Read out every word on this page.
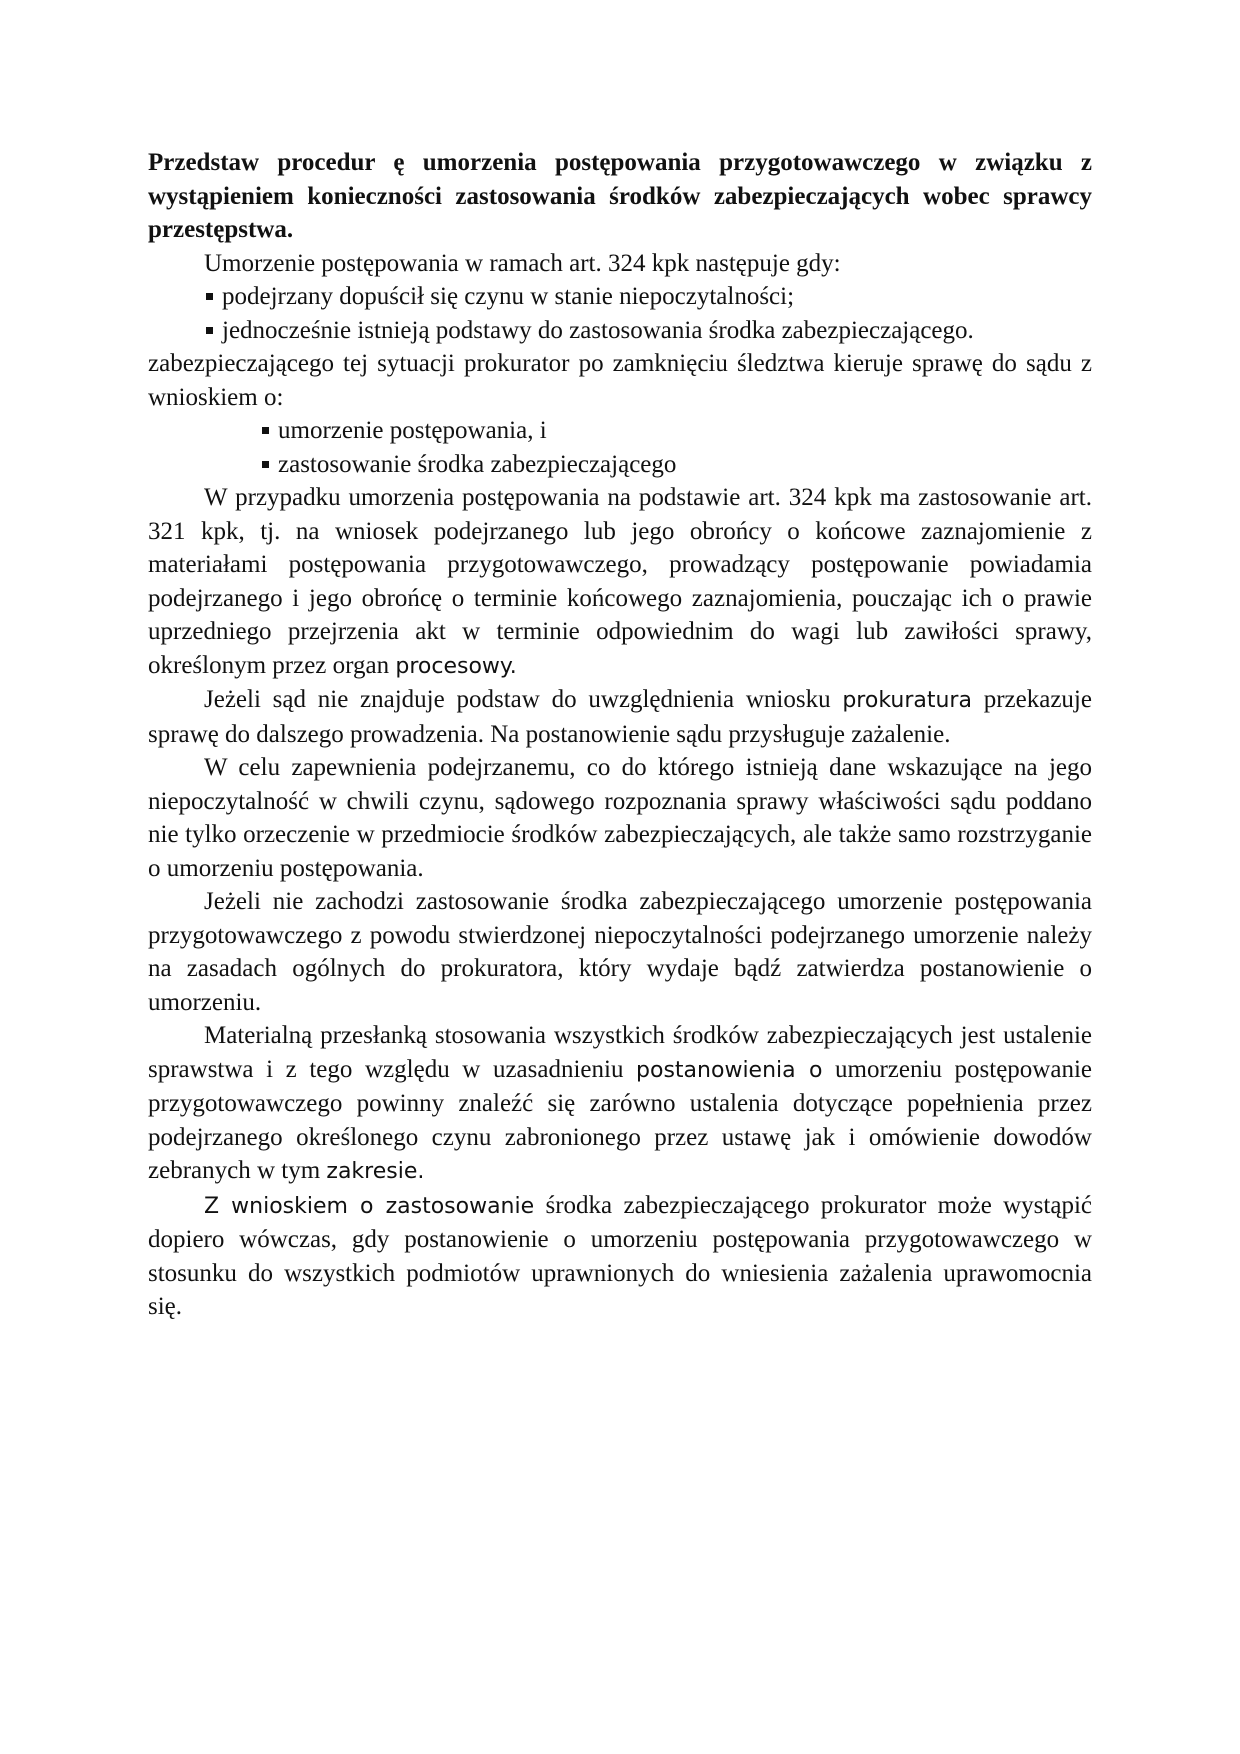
Przedstaw procedur ę umorzenia postępowania przygotowawczego w związku z wystąpieniem konieczności zastosowania środków zabezpieczających wobec sprawcy przestępstwa.

Umorzenie postępowania w ramach art. 324 kpk następuje gdy:

podejrzany dopuścił się czynu w stanie niepoczytalności;
jednocześnie istnieją podstawy do zastosowania środka zabezpieczającego.

zabezpieczającego tej sytuacji prokurator po zamknięciu śledztwa kieruje sprawę do sądu z wnioskiem o:

umorzenie postępowania, i
zastosowanie środka zabezpieczającego

W przypadku umorzenia postępowania na podstawie art. 324 kpk ma zastosowanie art. 321 kpk, tj. na wniosek podejrzanego lub jego obrońcy o końcowe zaznajomienie z materiałami postępowania przygotowawczego, prowadzący postępowanie powiadamia podejrzanego i jego obrońcę o terminie końcowego zaznajomienia, pouczając ich o prawie uprzedniego przejrzenia akt w terminie odpowiednim do wagi lub zawiłości sprawy, określonym przez organ procesowy.

Jeżeli sąd nie znajduje podstaw do uwzględnienia wniosku prokuratura przekazuje sprawę do dalszego prowadzenia. Na postanowienie sądu przysługuje zażalenie.

W celu zapewnienia podejrzanemu, co do którego istnieją dane wskazujące na jego niepoczytalność w chwili czynu, sądowego rozpoznania sprawy właściwości sądu poddano nie tylko orzeczenie w przedmiocie środków zabezpieczających, ale także samo rozstrzyganie o umorzeniu postępowania.

Jeżeli nie zachodzi zastosowanie środka zabezpieczającego umorzenie postępowania przygotowawczego z powodu stwierdzonej niepoczytalności podejrzanego umorzenie należy na zasadach ogólnych do prokuratora, który wydaje bądź zatwierdza postanowienie o umorzeniu.

Materialną przesłanką stosowania wszystkich środków zabezpieczających jest ustalenie sprawstwa i z tego względu w uzasadnieniu postanowienia o umorzeniu postępowanie przygotowawczego powinny znaleźć się zarówno ustalenia dotyczące popełnienia przez podejrzanego określonego czynu zabronionego przez ustawę jak i omówienie dowodów zebranych w tym zakresie.

Z wnioskiem o zastosowanie środka zabezpieczającego prokurator może wystąpić dopiero wówczas, gdy postanowienie o umorzeniu postępowania przygotowawczego w stosunku do wszystkich podmiotów uprawnionych do wniesienia zażalenia uprawomocnia się.
